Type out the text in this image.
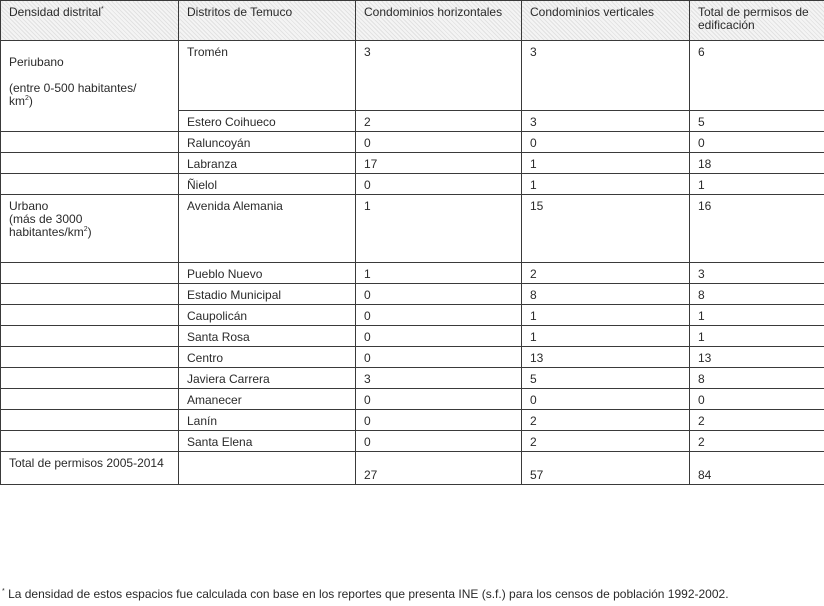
Densidad distrital*	Distritos de Temuco	Condominios horizontales	Condominios verticales	Total de permisos de edificación

Periubano
(entre 0-500 habitantes/
$km^2$)	Tromén	3	3	6
	Estero Coihueco	2	3	5
	Raluncoyán	0	0	0
	Labranza	17	1	18
	Ñielol	0	1	1

Urbano
(más de 3000
habitantes/$km^2$)	Avenida Alemania	1	15	16
	Pueblo Nuevo	1	2	3
	Estadio Municipal	0	8	8
	Caupolicán	0	1	1
	Santa Rosa	0	1	1
	Centro	0	13	13
	Javiera Carrera	3	5	8
	Amanecer	0	0	0
	Lanín	0	2	2
	Santa Elena	0	2	2
Total de permisos 2005-2014		27	57	84
* La densidad de estos espacios fue calculada con base en los reportes que presenta INE (s.f.) para los censos de población 1992-2002.
